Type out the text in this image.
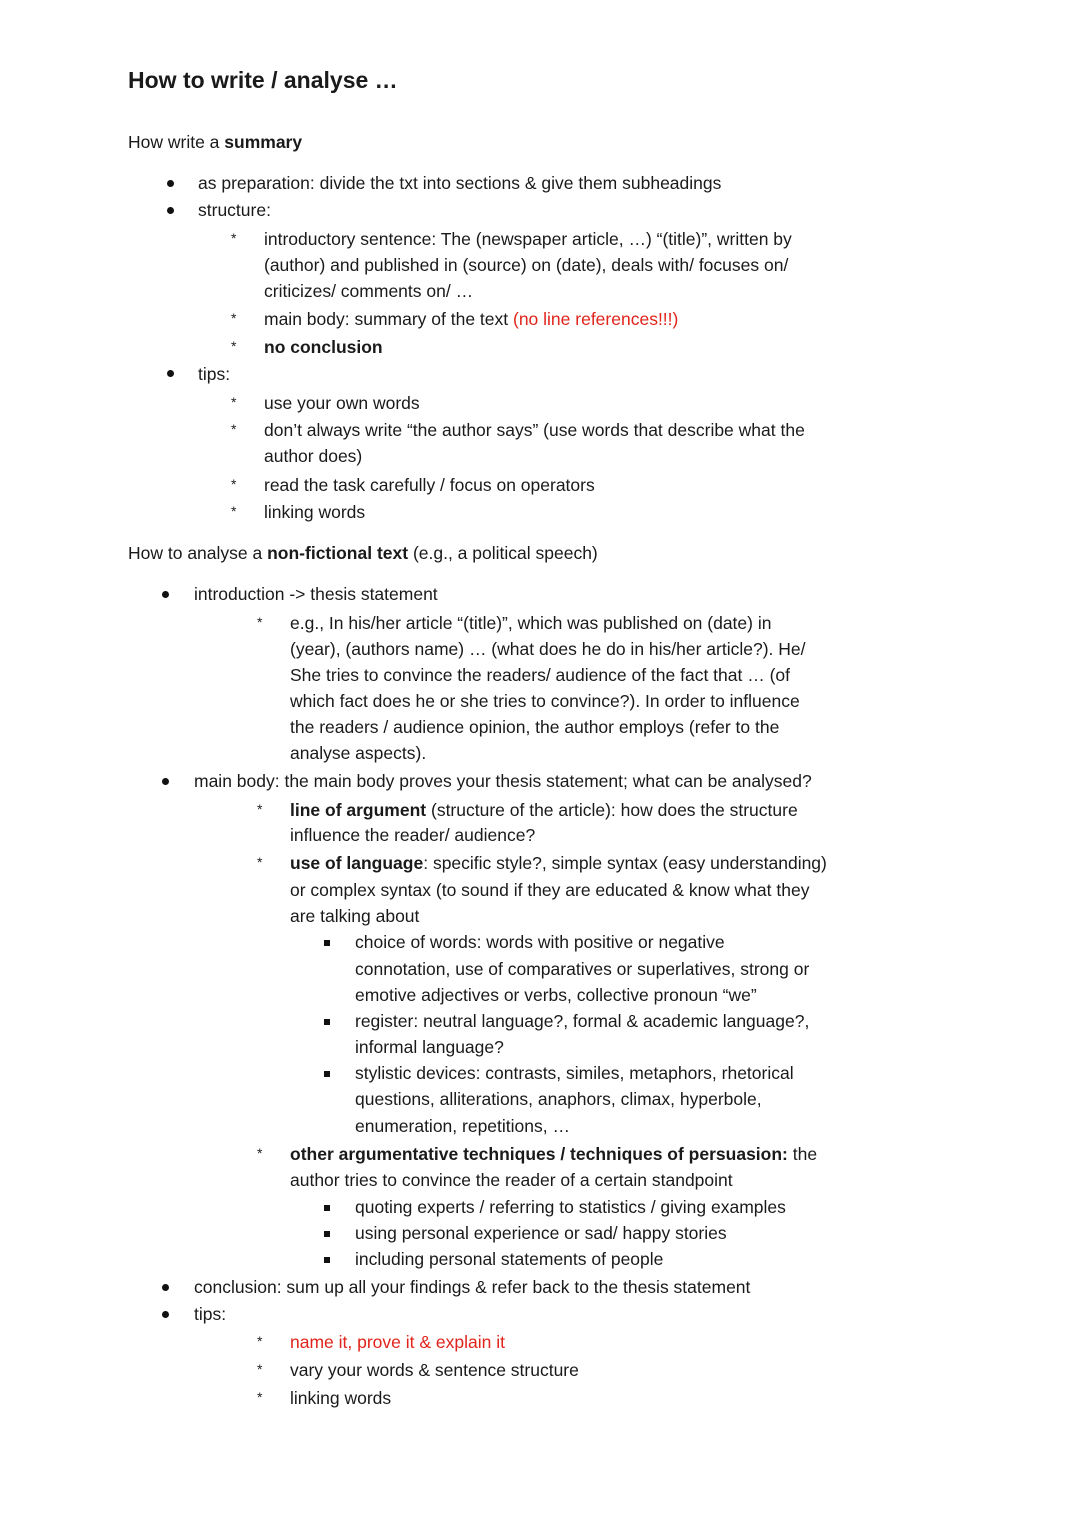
How to write / analyse …
How write a summary
as preparation: divide the txt into sections & give them subheadings
structure:
* introductory sentence: The (newspaper article, …) “(title)”, written by
(author) and published in (source) on (date), deals with/ focuses on/
criticizes/ comments on/ …
* main body: summary of the text (no line references!!!)
* no conclusion
tips:
* use your own words
* don’t always write “the author says” (use words that describe what the
author does)
* read the task carefully / focus on operators
* linking words
How to analyse a non-fictional text (e.g., a political speech)
introduction -> thesis statement
* e.g., In his/her article “(title)”, which was published on (date) in
(year), (authors name) … (what does he do in his/her article?). He/
She tries to convince the readers/ audience of the fact that … (of
which fact does he or she tries to convince?). In order to influence
the readers / audience opinion, the author employs (refer to the
analyse aspects).
main body: the main body proves your thesis statement; what can be analysed?
* line of argument (structure of the article): how does the structure
influence the reader/ audience?
* use of language: specific style?, simple syntax (easy understanding)
or complex syntax (to sound if they are educated & know what they
are talking about
choice of words: words with positive or negative
connotation, use of comparatives or superlatives, strong or
emotive adjectives or verbs, collective pronoun “we”
register: neutral language?, formal & academic language?,
informal language?
stylistic devices: contrasts, similes, metaphors, rhetorical
questions, alliterations, anaphors, climax, hyperbole,
enumeration, repetitions, …
* other argumentative techniques / techniques of persuasion: the
author tries to convince the reader of a certain standpoint
quoting experts / referring to statistics / giving examples
using personal experience or sad/ happy stories
including personal statements of people
conclusion: sum up all your findings & refer back to the thesis statement
tips:
* name it, prove it & explain it
* vary your words & sentence structure
* linking words
